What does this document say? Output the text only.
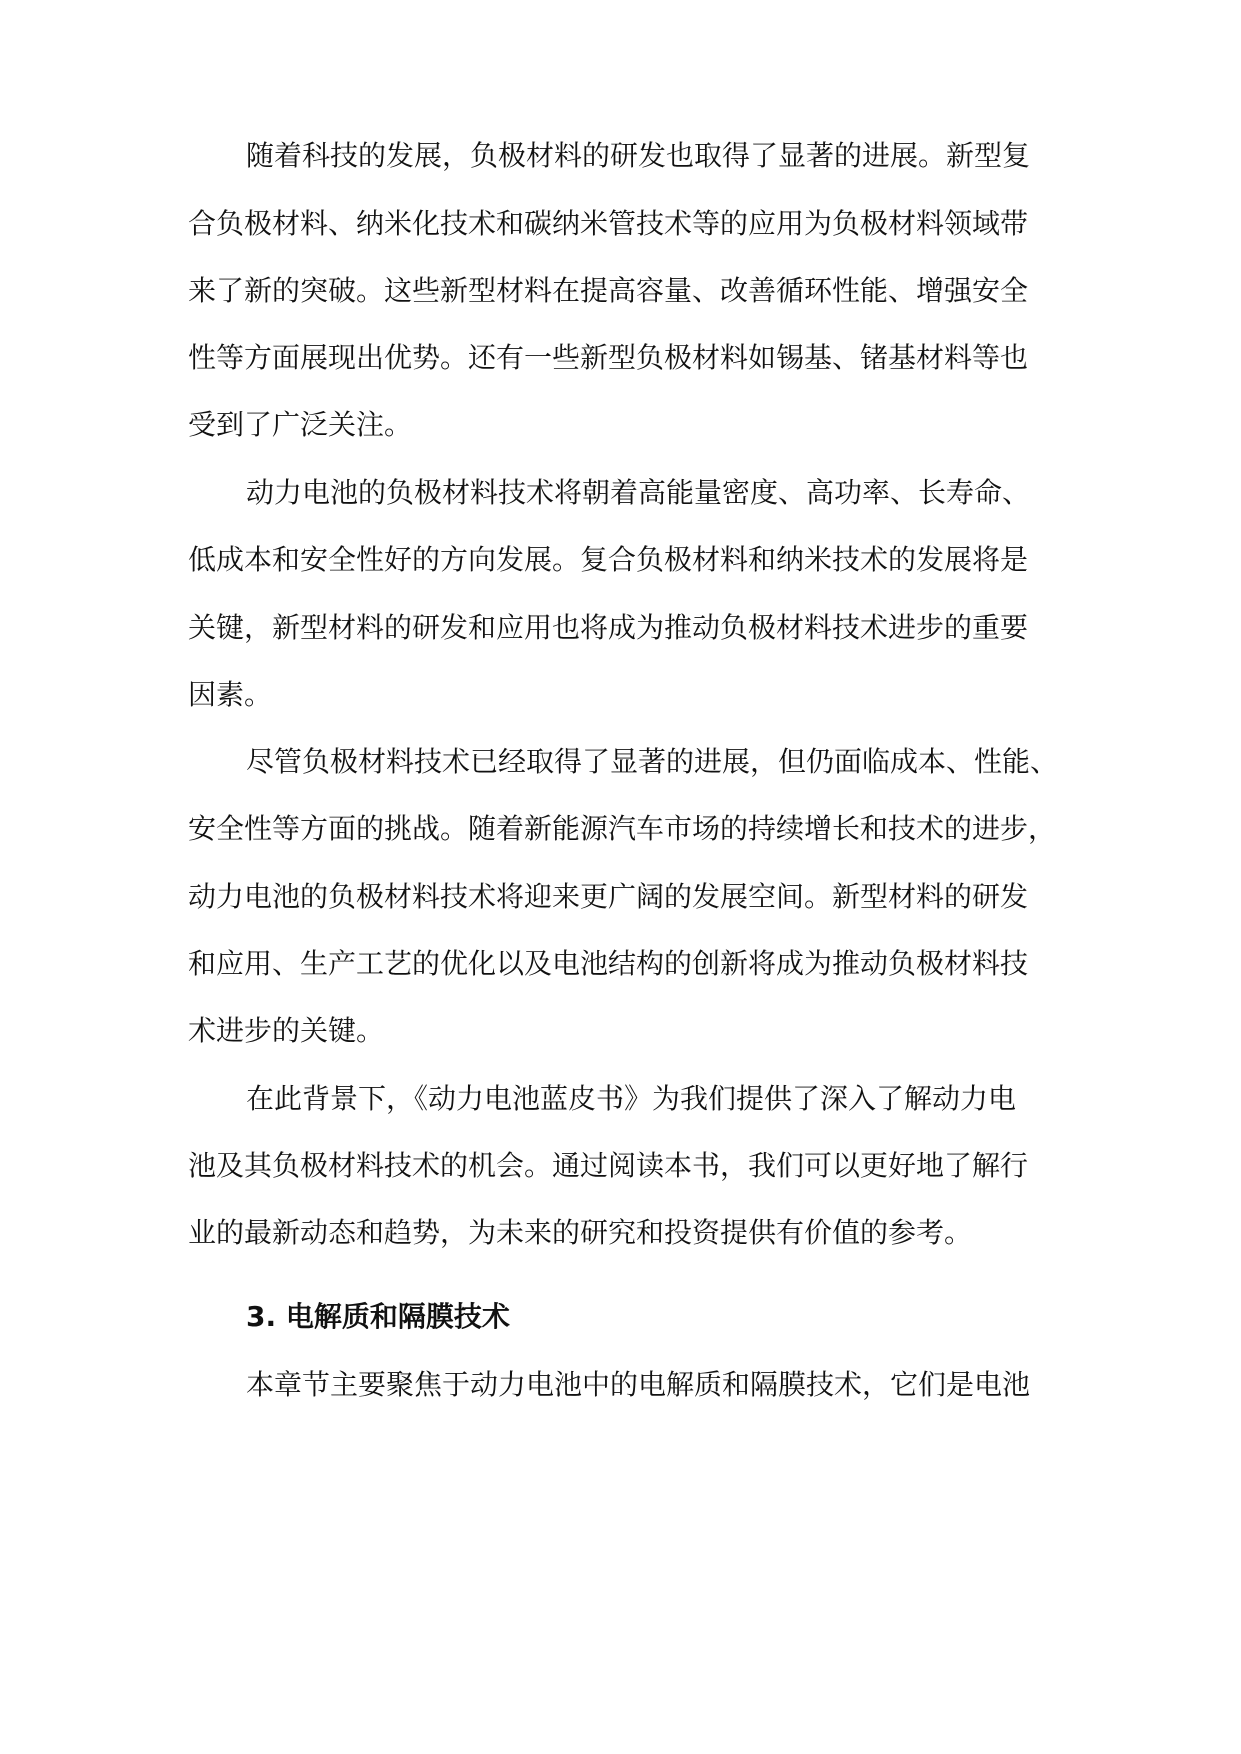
随着科技的发展，负极材料的研发也取得了显著的进展。新型复
合负极材料、纳米化技术和碳纳米管技术等的应用为负极材料领域带
来了新的突破。这些新型材料在提高容量、改善循环性能、增强安全
性等方面展现出优势。还有一些新型负极材料如锡基、锗基材料等也
受到了广泛关注。
动力电池的负极材料技术将朝着高能量密度、高功率、长寿命、
低成本和安全性好的方向发展。复合负极材料和纳米技术的发展将是
关键，新型材料的研发和应用也将成为推动负极材料技术进步的重要
因素。
尽管负极材料技术已经取得了显著的进展，但仍面临成本、性能、
安全性等方面的挑战。随着新能源汽车市场的持续增长和技术的进步，
动力电池的负极材料技术将迎来更广阔的发展空间。新型材料的研发
和应用、生产工艺的优化以及电池结构的创新将成为推动负极材料技
术进步的关键。
在此背景下，《动力电池蓝皮书》为我们提供了深入了解动力电
池及其负极材料技术的机会。通过阅读本书，我们可以更好地了解行
业的最新动态和趋势，为未来的研究和投资提供有价值的参考。
3. 电解质和隔膜技术
本章节主要聚焦于动力电池中的电解质和隔膜技术，它们是电池
